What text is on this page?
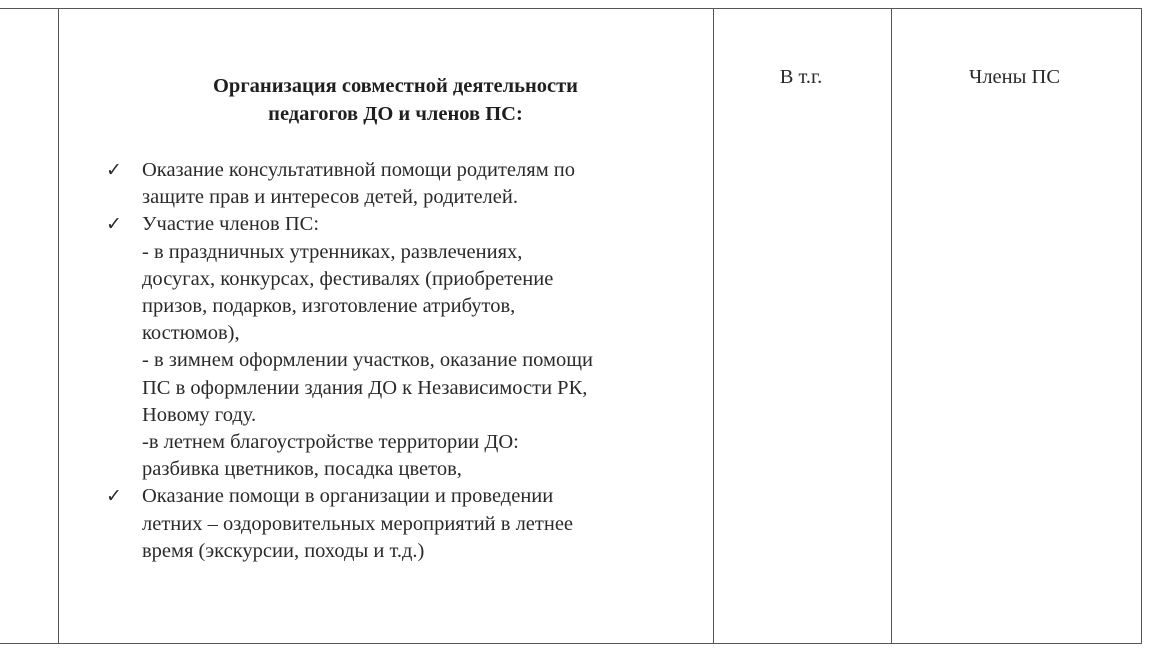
Организация совместной деятельности
педагогов ДО и членов ПС:
✓ Оказание консультативной помощи родителям по
защите прав и интересов детей, родителей.
✓ Участие членов ПС:
- в праздничных утренниках, развлечениях,
досугах, конкурсах, фестивалях (приобретение
призов, подарков, изготовление атрибутов,
костюмов),
- в зимнем оформлении участков, оказание помощи
ПС в оформлении здания ДО к Независимости РК,
Новому году.
-в летнем благоустройстве территории ДО:
разбивка цветников, посадка цветов,
✓ Оказание помощи в организации и проведении
летних – оздоровительных мероприятий в летнее
время (экскурсии, походы и т.д.)
В т.г.	Члены ПС
